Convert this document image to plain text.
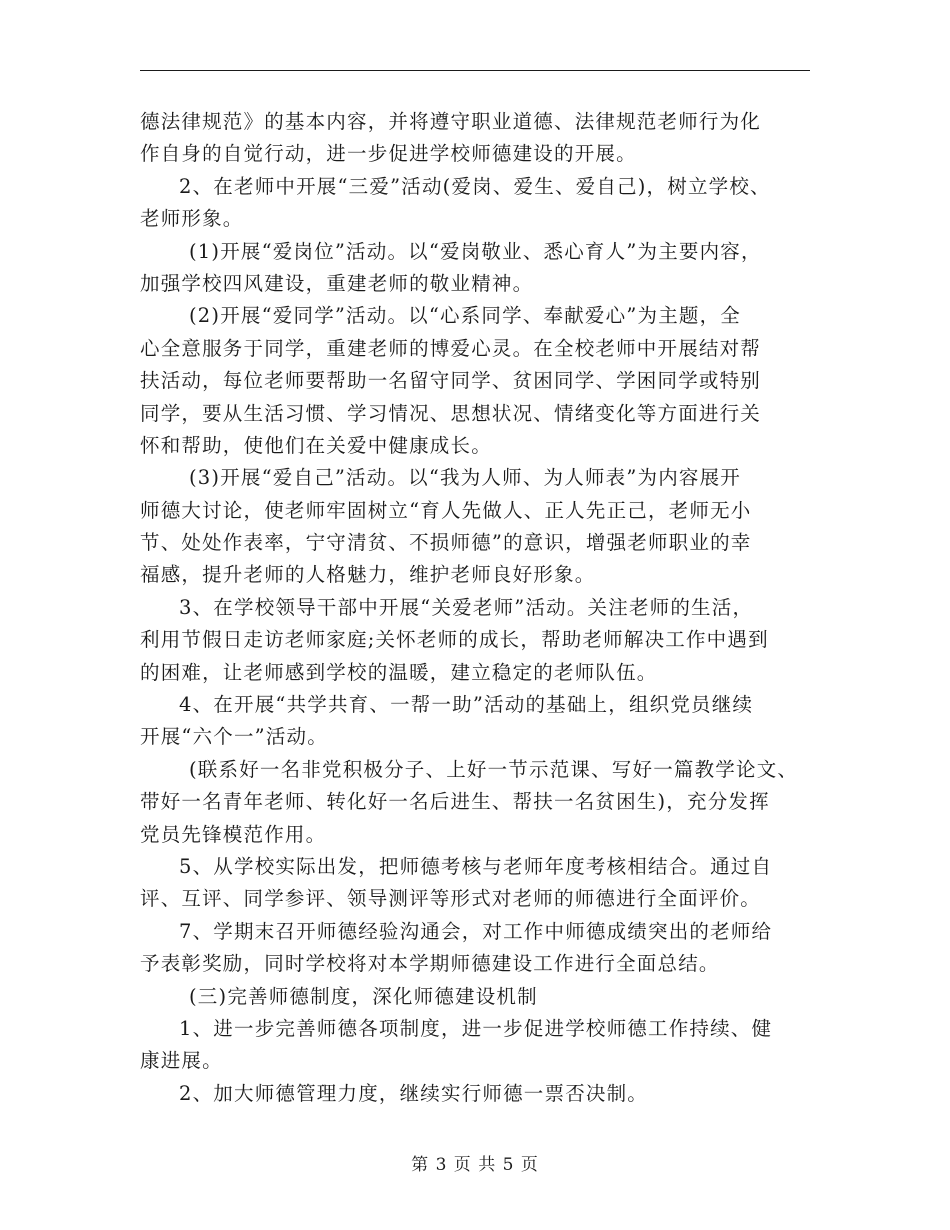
德法律规范》的基本内容，并将遵守职业道德、法律规范老师行为化
作自身的自觉行动，进一步促进学校师德建设的开展。
2、在老师中开展“三爱”活动(爱岗、爱生、爱自己)，树立学校、
老师形象。
(1)开展“爱岗位”活动。以“爱岗敬业、悉心育人”为主要内容，
加强学校四风建设，重建老师的敬业精神。
(2)开展“爱同学”活动。以“心系同学、奉献爱心”为主题，全
心全意服务于同学，重建老师的博爱心灵。在全校老师中开展结对帮
扶活动，每位老师要帮助一名留守同学、贫困同学、学困同学或特别
同学，要从生活习惯、学习情况、思想状况、情绪变化等方面进行关
怀和帮助，使他们在关爱中健康成长。
(3)开展“爱自己”活动。以“我为人师、为人师表”为内容展开
师德大讨论，使老师牢固树立“育人先做人、正人先正己，老师无小
节、处处作表率，宁守清贫、不损师德”的意识，增强老师职业的幸
福感，提升老师的人格魅力，维护老师良好形象。
3、在学校领导干部中开展“关爱老师”活动。关注老师的生活，
利用节假日走访老师家庭;关怀老师的成长，帮助老师解决工作中遇到
的困难，让老师感到学校的温暖，建立稳定的老师队伍。
4、在开展“共学共育、一帮一助”活动的基础上，组织党员继续
开展“六个一”活动。
(联系好一名非党积极分子、上好一节示范课、写好一篇教学论文、
带好一名青年老师、转化好一名后进生、帮扶一名贫困生)，充分发挥
党员先锋模范作用。
5、从学校实际出发，把师德考核与老师年度考核相结合。通过自
评、互评、同学参评、领导测评等形式对老师的师德进行全面评价。
7、学期末召开师德经验沟通会，对工作中师德成绩突出的老师给
予表彰奖励，同时学校将对本学期师德建设工作进行全面总结。
(三)完善师德制度，深化师德建设机制
1、进一步完善师德各项制度，进一步促进学校师德工作持续、健
康进展。
2、加大师德管理力度，继续实行师德一票否决制。
第 3 页 共 5 页
